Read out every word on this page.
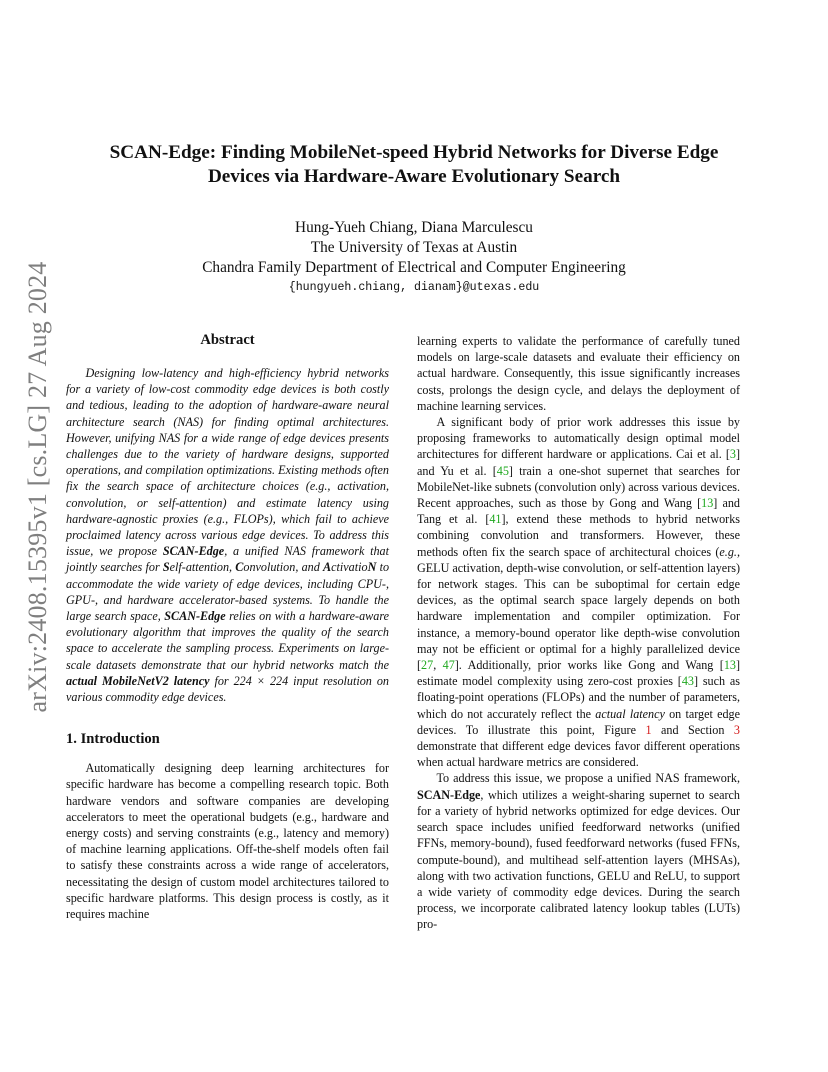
arXiv:2408.15395v1 [cs.LG] 27 Aug 2024
SCAN-Edge: Finding MobileNet-speed Hybrid Networks for Diverse Edge
Devices via Hardware-Aware Evolutionary Search
Hung-Yueh Chiang, Diana Marculescu
The University of Texas at Austin
Chandra Family Department of Electrical and Computer Engineering
{hungyueh.chiang, dianam}@utexas.edu
Abstract

Designing low-latency and high-efficiency hybrid networks for a variety of low-cost commodity edge devices is both costly and tedious, leading to the adoption of hardware-aware neural architecture search (NAS) for finding optimal architectures. However, unifying NAS for a wide range of edge devices presents challenges due to the variety of hardware designs, supported operations, and compilation optimizations. Existing methods often fix the search space of architecture choices (e.g., activation, convolution, or self-attention) and estimate latency using hardware-agnostic proxies (e.g., FLOPs), which fail to achieve proclaimed latency across various edge devices. To address this issue, we propose SCAN-Edge, a unified NAS framework that jointly searches for Self-attention, Convolution, and ActivatioN to accommodate the wide variety of edge devices, including CPU-, GPU-, and hardware accelerator-based systems. To handle the large search space, SCAN-Edge relies on with a hardware-aware evolutionary algorithm that improves the quality of the search space to accelerate the sampling process. Experiments on large-scale datasets demonstrate that our hybrid networks match the actual MobileNetV2 latency for 224 × 224 input resolution on various commodity edge devices.

1. Introduction

Automatically designing deep learning architectures for specific hardware has become a compelling research topic. Both hardware vendors and software companies are developing accelerators to meet the operational budgets (e.g., hardware and energy costs) and serving constraints (e.g., latency and memory) of machine learning applications. Off-the-shelf models often fail to satisfy these constraints across a wide range of accelerators, necessitating the design of custom model architectures tailored to specific hardware platforms. This design process is costly, as it requires machine

learning experts to validate the performance of carefully tuned models on large-scale datasets and evaluate their efficiency on actual hardware. Consequently, this issue significantly increases costs, prolongs the design cycle, and delays the deployment of machine learning services.

A significant body of prior work addresses this issue by proposing frameworks to automatically design optimal model architectures for different hardware or applications. Cai et al. [3] and Yu et al. [45] train a one-shot supernet that searches for MobileNet-like subnets (convolution only) across various devices. Recent approaches, such as those by Gong and Wang [13] and Tang et al. [41], extend these methods to hybrid networks combining convolution and transformers. However, these methods often fix the search space of architectural choices (e.g., GELU activation, depth-wise convolution, or self-attention layers) for network stages. This can be suboptimal for certain edge devices, as the optimal search space largely depends on both hardware implementation and compiler optimization. For instance, a memory-bound operator like depth-wise convolution may not be efficient or optimal for a highly parallelized device [27, 47]. Additionally, prior works like Gong and Wang [13] estimate model complexity using zero-cost proxies [43] such as floating-point operations (FLOPs) and the number of parameters, which do not accurately reflect the actual latency on target edge devices. To illustrate this point, Figure 1 and Section 3 demonstrate that different edge devices favor different operations when actual hardware metrics are considered.

To address this issue, we propose a unified NAS framework, SCAN-Edge, which utilizes a weight-sharing supernet to search for a variety of hybrid networks optimized for edge devices. Our search space includes unified feedforward networks (unified FFNs, memory-bound), fused feedforward networks (fused FFNs, compute-bound), and multihead self-attention layers (MHSAs), along with two activation functions, GELU and ReLU, to support a wide variety of commodity edge devices. During the search process, we incorporate calibrated latency lookup tables (LUTs) pro-
